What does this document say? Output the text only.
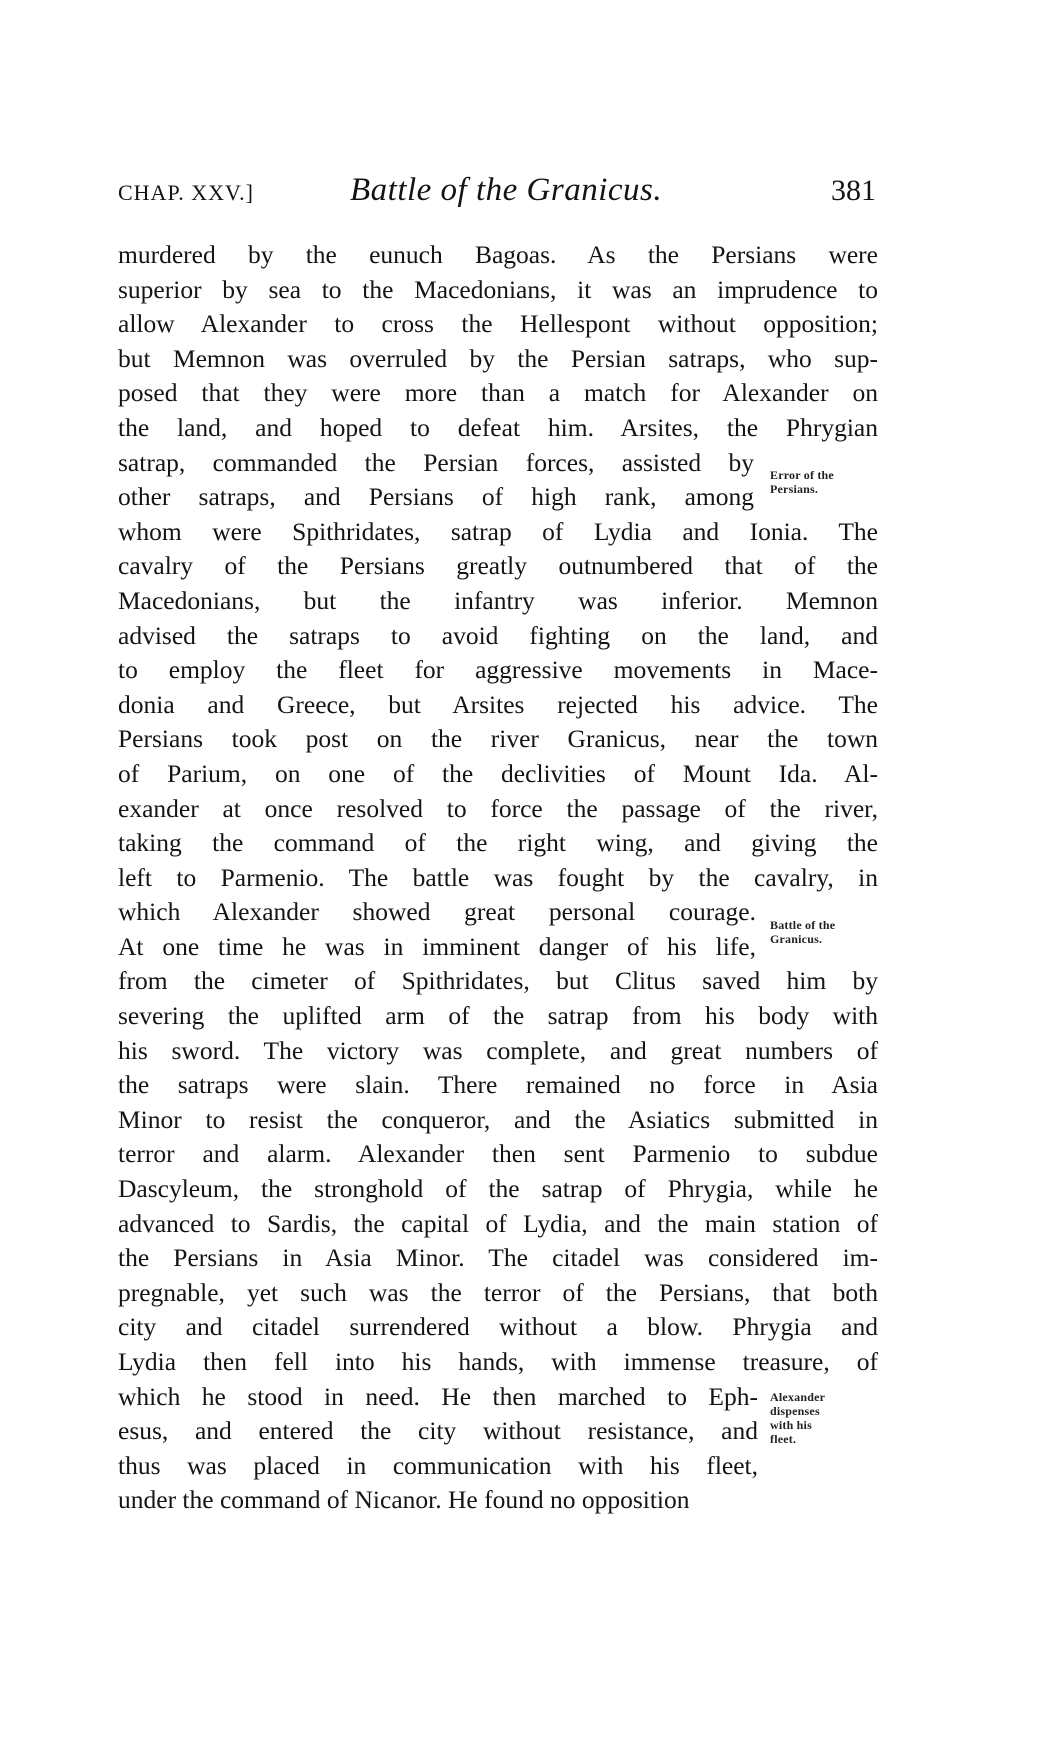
CHAP. XXV.]	Battle of the Granicus.	381
murdered by the eunuch Bagoas. As the Persians were
superior by sea to the Macedonians, it was an imprudence to
allow Alexander to cross the Hellespont without opposition;
but Memnon was overruled by the Persian satraps, who sup-
posed that they were more than a match for Alexander on
the land, and hoped to defeat him. Arsites, the Phrygian
satrap, commanded the Persian forces, assisted by
other satraps, and Persians of high rank, among
whom were Spithridates, satrap of Lydia and Ionia. The
cavalry of the Persians greatly outnumbered that of the
Macedonians, but the infantry was inferior. Memnon
advised the satraps to avoid fighting on the land, and
to employ the fleet for aggressive movements in Mace-
donia and Greece, but Arsites rejected his advice. The
Persians took post on the river Granicus, near the town
of Parium, on one of the declivities of Mount Ida. Al-
exander at once resolved to force the passage of the river,
taking the command of the right wing, and giving the
left to Parmenio. The battle was fought by the cavalry, in
which Alexander showed great personal courage.
At one time he was in imminent danger of his life,
from the cimeter of Spithridates, but Clitus saved him by
severing the uplifted arm of the satrap from his body with
his sword. The victory was complete, and great numbers of
the satraps were slain. There remained no force in Asia
Minor to resist the conqueror, and the Asiatics submitted in
terror and alarm. Alexander then sent Parmenio to subdue
Dascyleum, the stronghold of the satrap of Phrygia, while he
advanced to Sardis, the capital of Lydia, and the main station of
the Persians in Asia Minor. The citadel was considered im-
pregnable, yet such was the terror of the Persians, that both
city and citadel surrendered without a blow. Phrygia and
Lydia then fell into his hands, with immense treasure, of
which he stood in need. He then marched to Eph-
esus, and entered the city without resistance, and
thus was placed in communication with his fleet,
under the command of Nicanor. He found no opposition
Error of the
Persians.
Battle of the
Granicus.
Alexander
dispenses
with his
fleet.
